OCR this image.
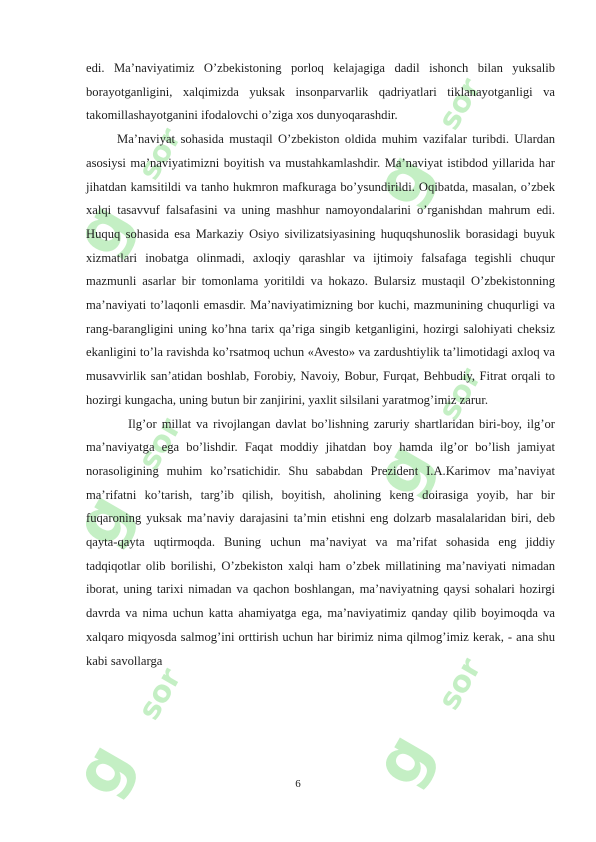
g
sor	g
sor
g
sor	g
sor
g
sor
g
sor

edi. Ma’naviyatimiz O’zbekistoning porloq kelajagiga dadil ishonch bilan yuksalib borayotganligini, xalqimizda yuksak insonparvarlik qadriyatlari tiklanayotganligi va takomillashayotganini ifodalovchi o’ziga xos dunyoqarashdir.

Ma’naviyat sohasida mustaqil O’zbekiston oldida muhim vazifalar turibdi. Ulardan asosiysi ma’naviyatimizni boyitish va mustahkamlashdir. Ma’naviyat istibdod yillarida har jihatdan kamsitildi va tanho hukmron mafkuraga bo’ysundirildi. Oqibatda, masalan, o’zbek xalqi tasavvuf falsafasini va uning mashhur namoyondalarini o’rganishdan mahrum edi. Huquq sohasida esa Markaziy Osiyo sivilizatsiyasining huquqshunoslik borasidagi buyuk xizmatlari inobatga olinmadi, axloqiy qarashlar va ijtimoiy falsafaga tegishli chuqur mazmunli asarlar bir tomonlama yoritildi va hokazo. Bularsiz mustaqil O’zbekistonning ma’naviyati to’laqonli emasdir. Ma’naviyatimizning bor kuchi, mazmunining chuqurligi va rang-barangligini uning ko’hna tarix qa’riga singib ketganligini, hozirgi salohiyati cheksiz ekanligini to’la ravishda ko’rsatmoq uchun «Avesto» va zardushtiylik ta’limotidagi axloq va musavvirlik san’atidan boshlab, Forobiy, Navoiy, Bobur, Furqat, Behbudiy, Fitrat orqali to hozirgi kungacha, uning butun bir zanjirini, yaxlit silsilani yaratmog’imiz zarur.

Ilg’or millat va rivojlangan davlat bo’lishning zaruriy shartlaridan biri-boy, ilg’or ma’naviyatga ega bo’lishdir. Faqat moddiy jihatdan boy hamda ilg’or bo’lish jamiyat norasoligining muhim ko’rsatichidir. Shu sababdan Prezident I.A.Karimov ma’naviyat ma’rifatni ko’tarish, targ’ib qilish, boyitish, aholining keng doirasiga yoyib, har bir fuqaroning yuksak ma’naviy darajasini ta’min etishni eng dolzarb masalalaridan biri, deb qayta-qayta uqtirmoqda. Buning uchun ma’naviyat va ma’rifat sohasida eng jiddiy tadqiqotlar olib borilishi, O’zbekiston xalqi ham o’zbek millatining ma’naviyati nimadan iborat, uning tarixi nimadan va qachon boshlangan, ma’naviyatning qaysi sohalari hozirgi davrda va nima uchun katta ahamiyatga ega, ma’naviyatimiz qanday qilib boyimoqda va xalqaro miqyosda salmog’ini orttirish uchun har birimiz nima qilmog’imiz kerak, - ana shu kabi savollarga

6
